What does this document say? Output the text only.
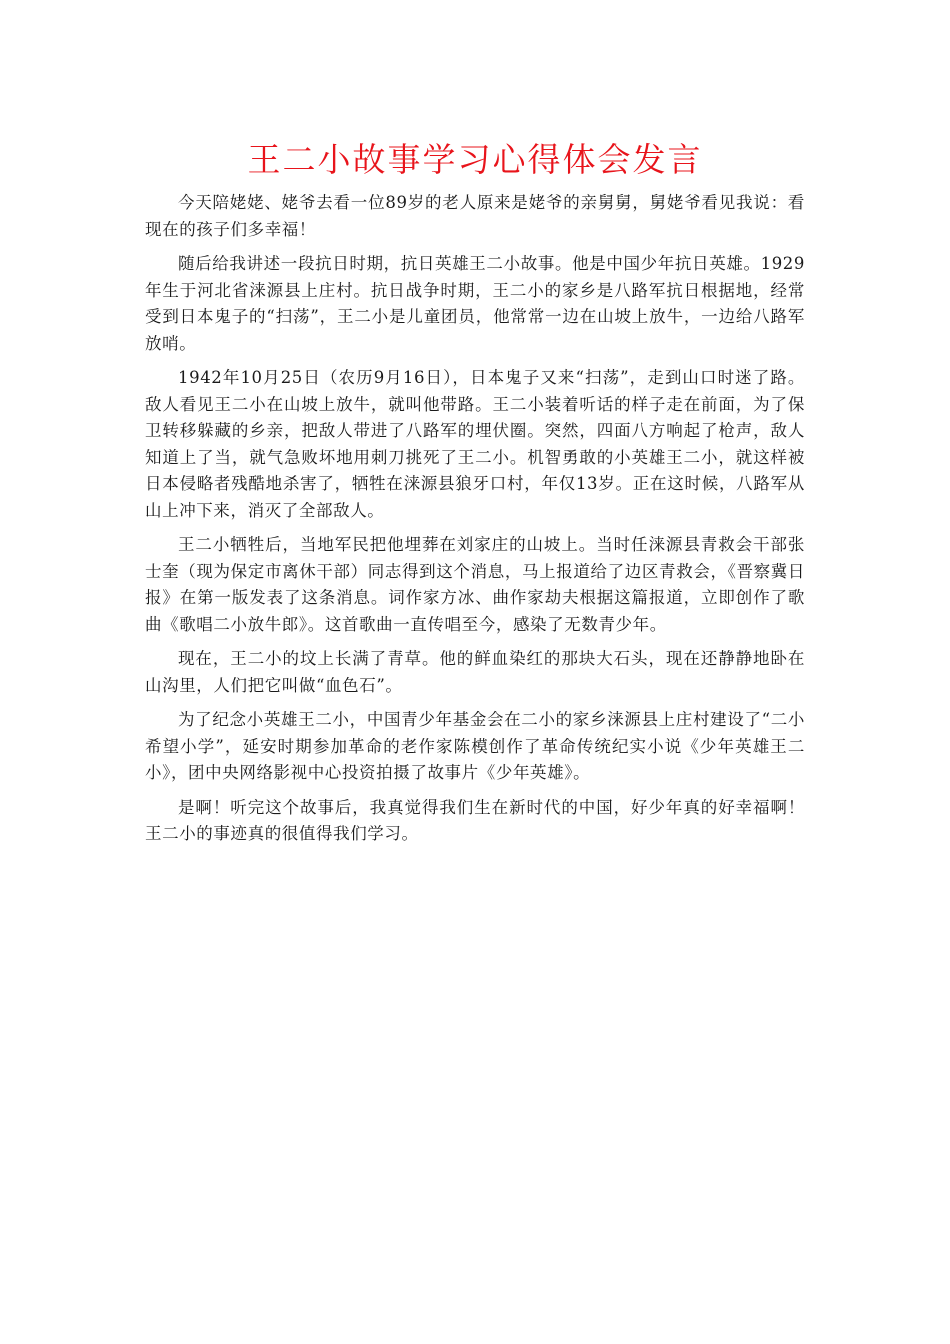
王二小故事学习心得体会发言

今天陪姥姥、姥爷去看一位89岁的老人原来是姥爷的亲舅舅，舅姥爷看见我说：看现在的孩子们多幸福！

随后给我讲述一段抗日时期，抗日英雄王二小故事。他是中国少年抗日英雄。1929年生于河北省涞源县上庄村。抗日战争时期，王二小的家乡是八路军抗日根据地，经常受到日本鬼子的“扫荡”，王二小是儿童团员，他常常一边在山坡上放牛，一边给八路军放哨。

1942年10月25日（农历9月16日），日本鬼子又来“扫荡”，走到山口时迷了路。敌人看见王二小在山坡上放牛，就叫他带路。王二小装着听话的样子走在前面，为了保卫转移躲藏的乡亲，把敌人带进了八路军的埋伏圈。突然，四面八方响起了枪声，敌人知道上了当，就气急败坏地用刺刀挑死了王二小。机智勇敢的小英雄王二小，就这样被日本侵略者残酷地杀害了，牺牲在涞源县狼牙口村，年仅13岁。正在这时候，八路军从山上冲下来，消灭了全部敌人。

王二小牺牲后，当地军民把他埋葬在刘家庄的山坡上。当时任涞源县青救会干部张士奎（现为保定市离休干部）同志得到这个消息，马上报道给了边区青救会，《晋察冀日报》在第一版发表了这条消息。词作家方冰、曲作家劫夫根据这篇报道，立即创作了歌曲《歌唱二小放牛郎》。这首歌曲一直传唱至今，感染了无数青少年。

现在，王二小的坟上长满了青草。他的鲜血染红的那块大石头，现在还静静地卧在山沟里，人们把它叫做“血色石”。

为了纪念小英雄王二小，中国青少年基金会在二小的家乡涞源县上庄村建设了“二小希望小学”，延安时期参加革命的老作家陈模创作了革命传统纪实小说《少年英雄王二小》，团中央网络影视中心投资拍摄了故事片《少年英雄》。

是啊！听完这个故事后，我真觉得我们生在新时代的中国，好少年真的好幸福啊！王二小的事迹真的很值得我们学习。
